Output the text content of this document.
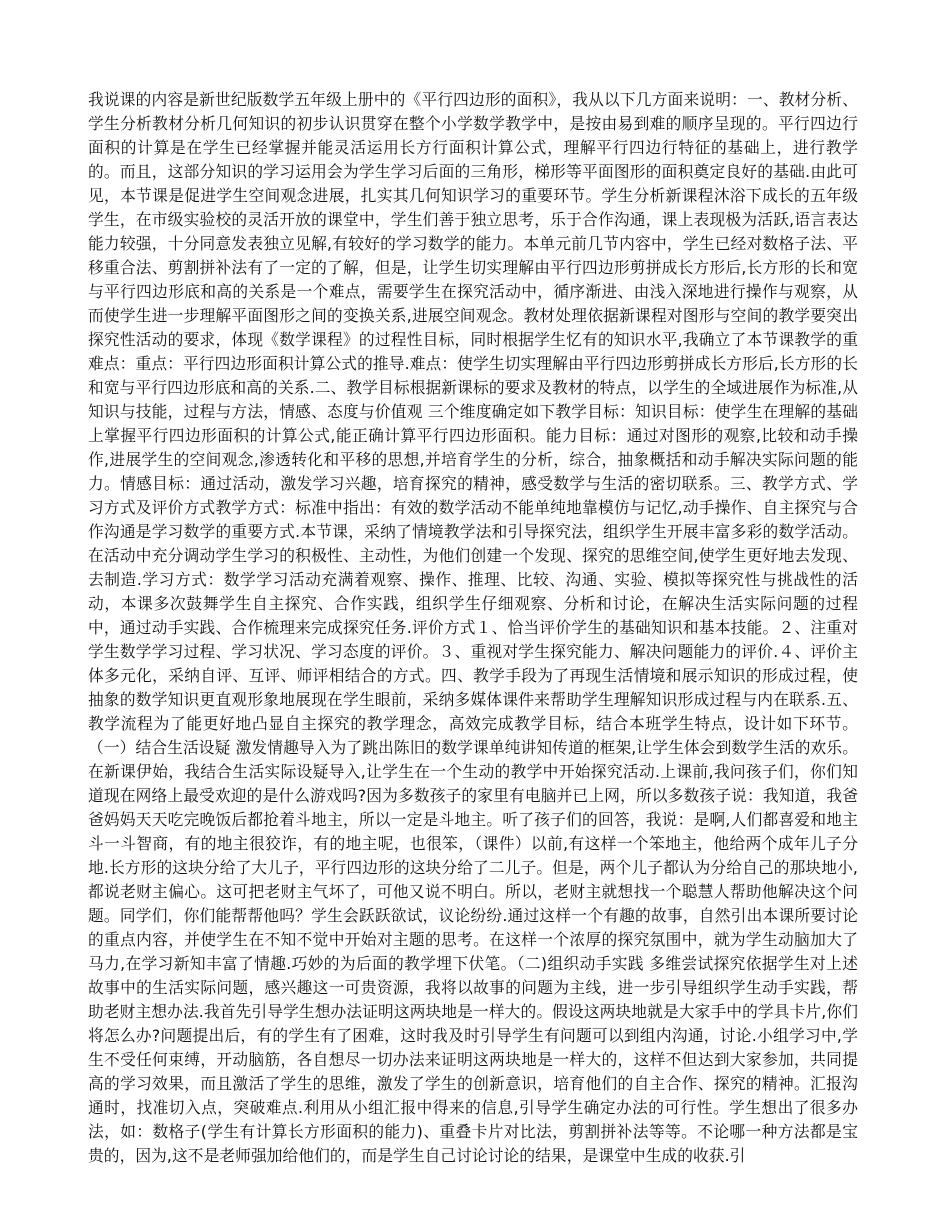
我说课的内容是新世纪版数学五年级上册中的《平行四边形的面积》，我从以下几方面来说明：一、教材分析、学生分析教材分析几何知识的初步认识贯穿在整个小学数学教学中，是按由易到难的顺序呈现的。平行四边行面积的计算是在学生已经掌握并能灵活运用长方行面积计算公式，理解平行四边行特征的基础上，进行教学的。而且，这部分知识的学习运用会为学生学习后面的三角形，梯形等平面图形的面积奠定良好的基础.由此可见，本节课是促进学生空间观念进展，扎实其几何知识学习的重要环节。学生分析新课程沐浴下成长的五年级学生，在市级实验校的灵活开放的课堂中，学生们善于独立思考，乐于合作沟通，课上表现极为活跃,语言表达能力较强，十分同意发表独立见解,有较好的学习数学的能力。本单元前几节内容中，学生已经对数格子法、平移重合法、剪割拼补法有了一定的了解，但是，让学生切实理解由平行四边形剪拼成长方形后,长方形的长和宽与平行四边形底和高的关系是一个难点，需要学生在探究活动中，循序渐进、由浅入深地进行操作与观察，从而使学生进一步理解平面图形之间的变换关系,进展空间观念。教材处理依据新课程对图形与空间的教学要突出探究性活动的要求，体现《数学课程》的过程性目标，同时根据学生忆有的知识水平,我确立了本节课教学的重难点：重点：平行四边形面积计算公式的推导.难点：使学生切实理解由平行四边形剪拼成长方形后,长方形的长和宽与平行四边形底和高的关系.二、教学目标根据新课标的要求及教材的特点，以学生的全域进展作为标准,从知识与技能，过程与方法，情感、态度与价值观 三个维度确定如下教学目标：知识目标：使学生在理解的基础上掌握平行四边形面积的计算公式,能正确计算平行四边形面积。能力目标：通过对图形的观察,比较和动手操作,进展学生的空间观念,渗透转化和平移的思想,并培育学生的分析，综合，抽象概括和动手解决实际问题的能力。情感目标：通过活动，激发学习兴趣，培育探究的精神，感受数学与生活的密切联系。三、教学方式、学习方式及评价方式教学方式：标准中指出：有效的数学活动不能单纯地靠模仿与记忆,动手操作、自主探究与合作沟通是学习数学的重要方式.本节课，采纳了情境教学法和引导探究法，组织学生开展丰富多彩的数学活动。在活动中充分调动学生学习的积极性、主动性，为他们创建一个发现、探究的思维空间,使学生更好地去发现、去制造.学习方式：数学学习活动充满着观察、操作、推理、比较、沟通、实验、模拟等探究性与挑战性的活动，本课多次鼓舞学生自主探究、合作实践，组织学生仔细观察、分析和讨论，在解决生活实际问题的过程中，通过动手实践、合作梳理来完成探究任务.评价方式１、恰当评价学生的基础知识和基本技能。２、注重对学生数学学习过程、学习状况、学习态度的评价。３、重视对学生探究能力、解决问题能力的评价.４、评价主体多元化，采纳自评、互评、师评相结合的方式。四、教学手段为了再现生活情境和展示知识的形成过程，使抽象的数学知识更直观形象地展现在学生眼前，采纳多媒体课件来帮助学生理解知识形成过程与内在联系.五、教学流程为了能更好地凸显自主探究的教学理念，高效完成教学目标，结合本班学生特点，设计如下环节。（一）结合生活设疑 激发情趣导入为了跳出陈旧的数学课单纯讲知传道的框架,让学生体会到数学生活的欢乐。在新课伊始，我结合生活实际设疑导入,让学生在一个生动的教学中开始探究活动.上课前,我问孩子们，你们知道现在网络上最受欢迎的是什么游戏吗?因为多数孩子的家里有电脑并已上网，所以多数孩子说：我知道，我爸爸妈妈天天吃完晚饭后都抢着斗地主，所以一定是斗地主。听了孩子们的回答，我说：是啊,人们都喜爱和地主斗一斗智商，有的地主很狡诈，有的地主呢，也很笨，（课件）以前,有这样一个笨地主，他给两个成年儿子分地.长方形的这块分给了大儿子，平行四边形的这块分给了二儿子。但是，两个儿子都认为分给自己的那块地小,都说老财主偏心。这可把老财主气坏了，可他又说不明白。所以，老财主就想找一个聪慧人帮助他解决这个问题。同学们，你们能帮帮他吗？学生会跃跃欲试，议论纷纷.通过这样一个有趣的故事，自然引出本课所要讨论的重点内容，并使学生在不知不觉中开始对主题的思考。在这样一个浓厚的探究氛围中，就为学生动脑加大了马力,在学习新知丰富了情趣.巧妙的为后面的教学埋下伏笔。（二)组织动手实践 多维尝试探究依据学生对上述故事中的生活实际问题，感兴趣这一可贵资源，我将以故事的问题为主线，进一步引导组织学生动手实践，帮助老财主想办法.我首先引导学生想办法证明这两块地是一样大的。假设这两块地就是大家手中的学具卡片,你们将怎么办?问题提出后，有的学生有了困难，这时我及时引导学生有问题可以到组内沟通，讨论.小组学习中,学生不受任何束缚，开动脑筋，各自想尽一切办法来证明这两块地是一样大的，这样不但达到大家参加，共同提高的学习效果，而且激活了学生的思维，激发了学生的创新意识，培育他们的自主合作、探究的精神。汇报沟通时，找准切入点，突破难点.利用从小组汇报中得来的信息,引导学生确定办法的可行性。学生想出了很多办法，如：数格子(学生有计算长方形面积的能力)、重叠卡片对比法，剪割拼补法等等。不论哪一种方法都是宝贵的，因为,这不是老师强加给他们的，而是学生自己讨论讨论的结果，是课堂中生成的收获.引
